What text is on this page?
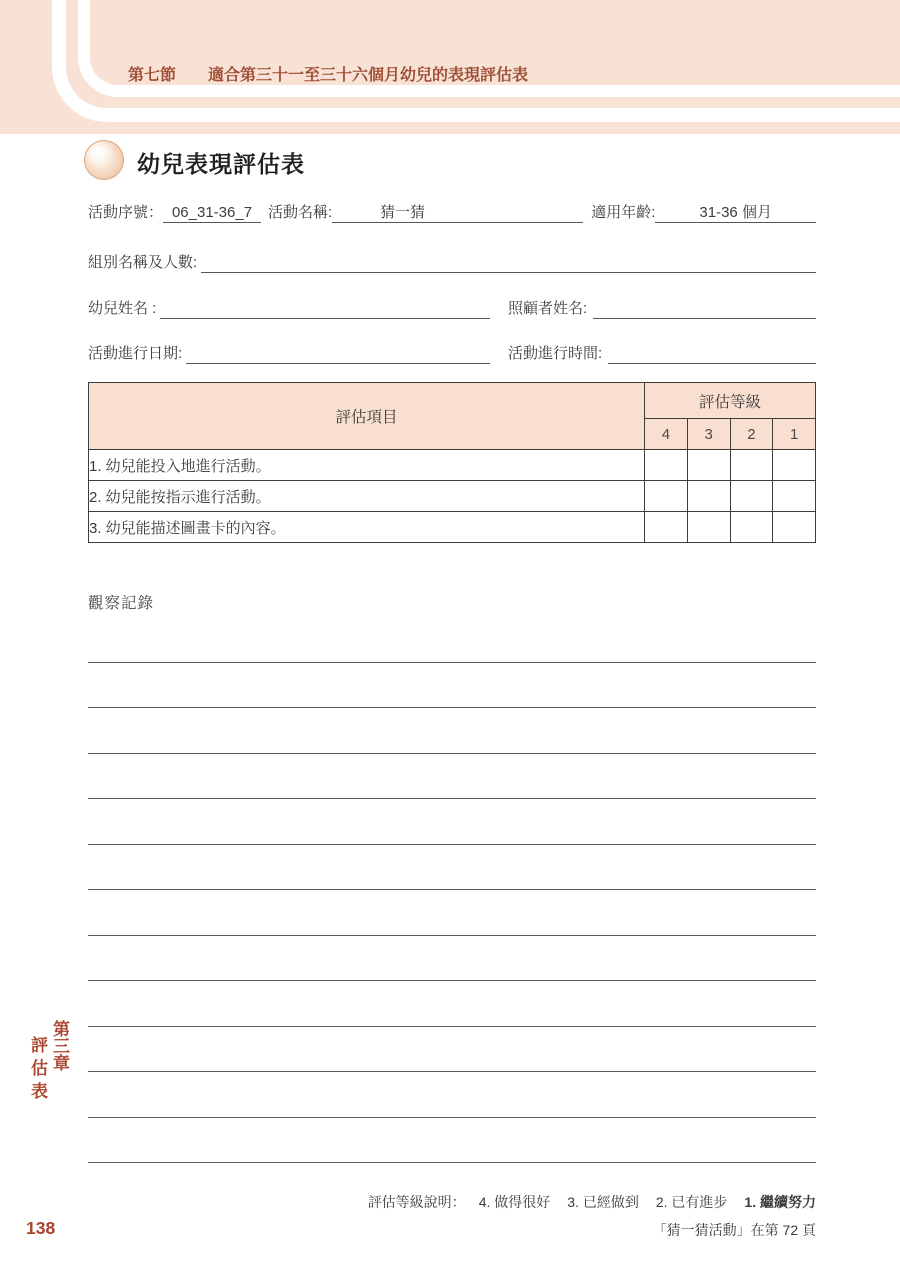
第七節 適合第三十一至三十六個月幼兒的表現評估表
幼兒表現評估表
活動序號： 06_31-36_7	活動名稱:	猜一猜	適用年齡:	31-36 個月
組別名稱及人數:
幼兒姓名 :	照顧者姓名:
活動進行日期:	活動進行時間:
評估項目	評估等級			
	4	3	2	1
1. 幼兒能投入地進行活動。				
2. 幼兒能按指示進行活動。				
3. 幼兒能描述圖畫卡的內容。				
觀察記錄
第三章
評估表
138
評估等級說明： 4. 做得很好 3. 已經做到 2. 已有進步 1. 繼續努力
「猜一猜活動」在第 72 頁
